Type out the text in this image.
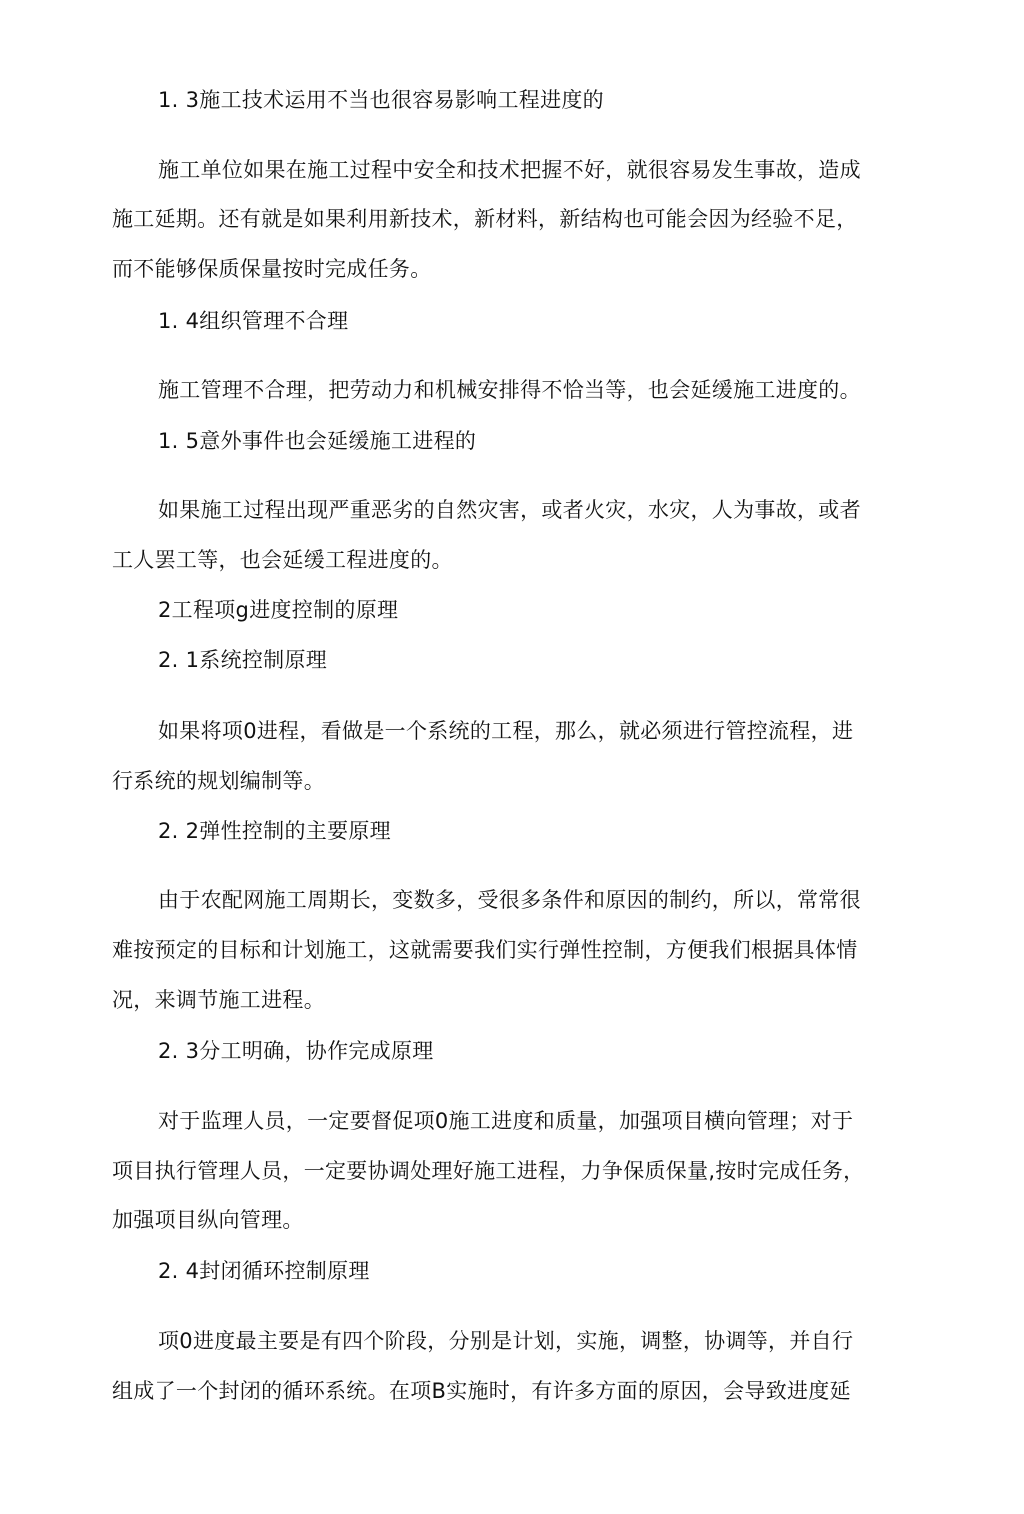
1. 3施工技术运用不当也很容易影响工程进度的
施工单位如果在施工过程中安全和技术把握不好，就很容易发生事故，造成
施工延期。还有就是如果利用新技术，新材料，新结构也可能会因为经验不足，
而不能够保质保量按时完成任务。
1. 4组织管理不合理
施工管理不合理，把劳动力和机械安排得不恰当等，也会延缓施工进度的。
1. 5意外事件也会延缓施工进程的
如果施工过程出现严重恶劣的自然灾害，或者火灾，水灾，人为事故，或者
工人罢工等，也会延缓工程进度的。
2工程项g进度控制的原理
2. 1系统控制原理
如果将项0进程，看做是一个系统的工程，那么，就必须进行管控流程，进
行系统的规划编制等。
2. 2弹性控制的主要原理
由于农配网施工周期长，变数多，受很多条件和原因的制约，所以，常常很
难按预定的目标和计划施工，这就需要我们实行弹性控制，方便我们根据具体情
况，来调节施工进程。
2. 3分工明确，协作完成原理
对于监理人员，一定要督促项0施工进度和质量，加强项目横向管理；对于
项目执行管理人员，一定要协调处理好施工进程，力争保质保量,按时完成任务，
加强项目纵向管理。
2. 4封闭循环控制原理
项0进度最主要是有四个阶段，分别是计划，实施，调整，协调等，并自行
组成了一个封闭的循环系统。在项B实施时，有许多方面的原因，会导致进度延
